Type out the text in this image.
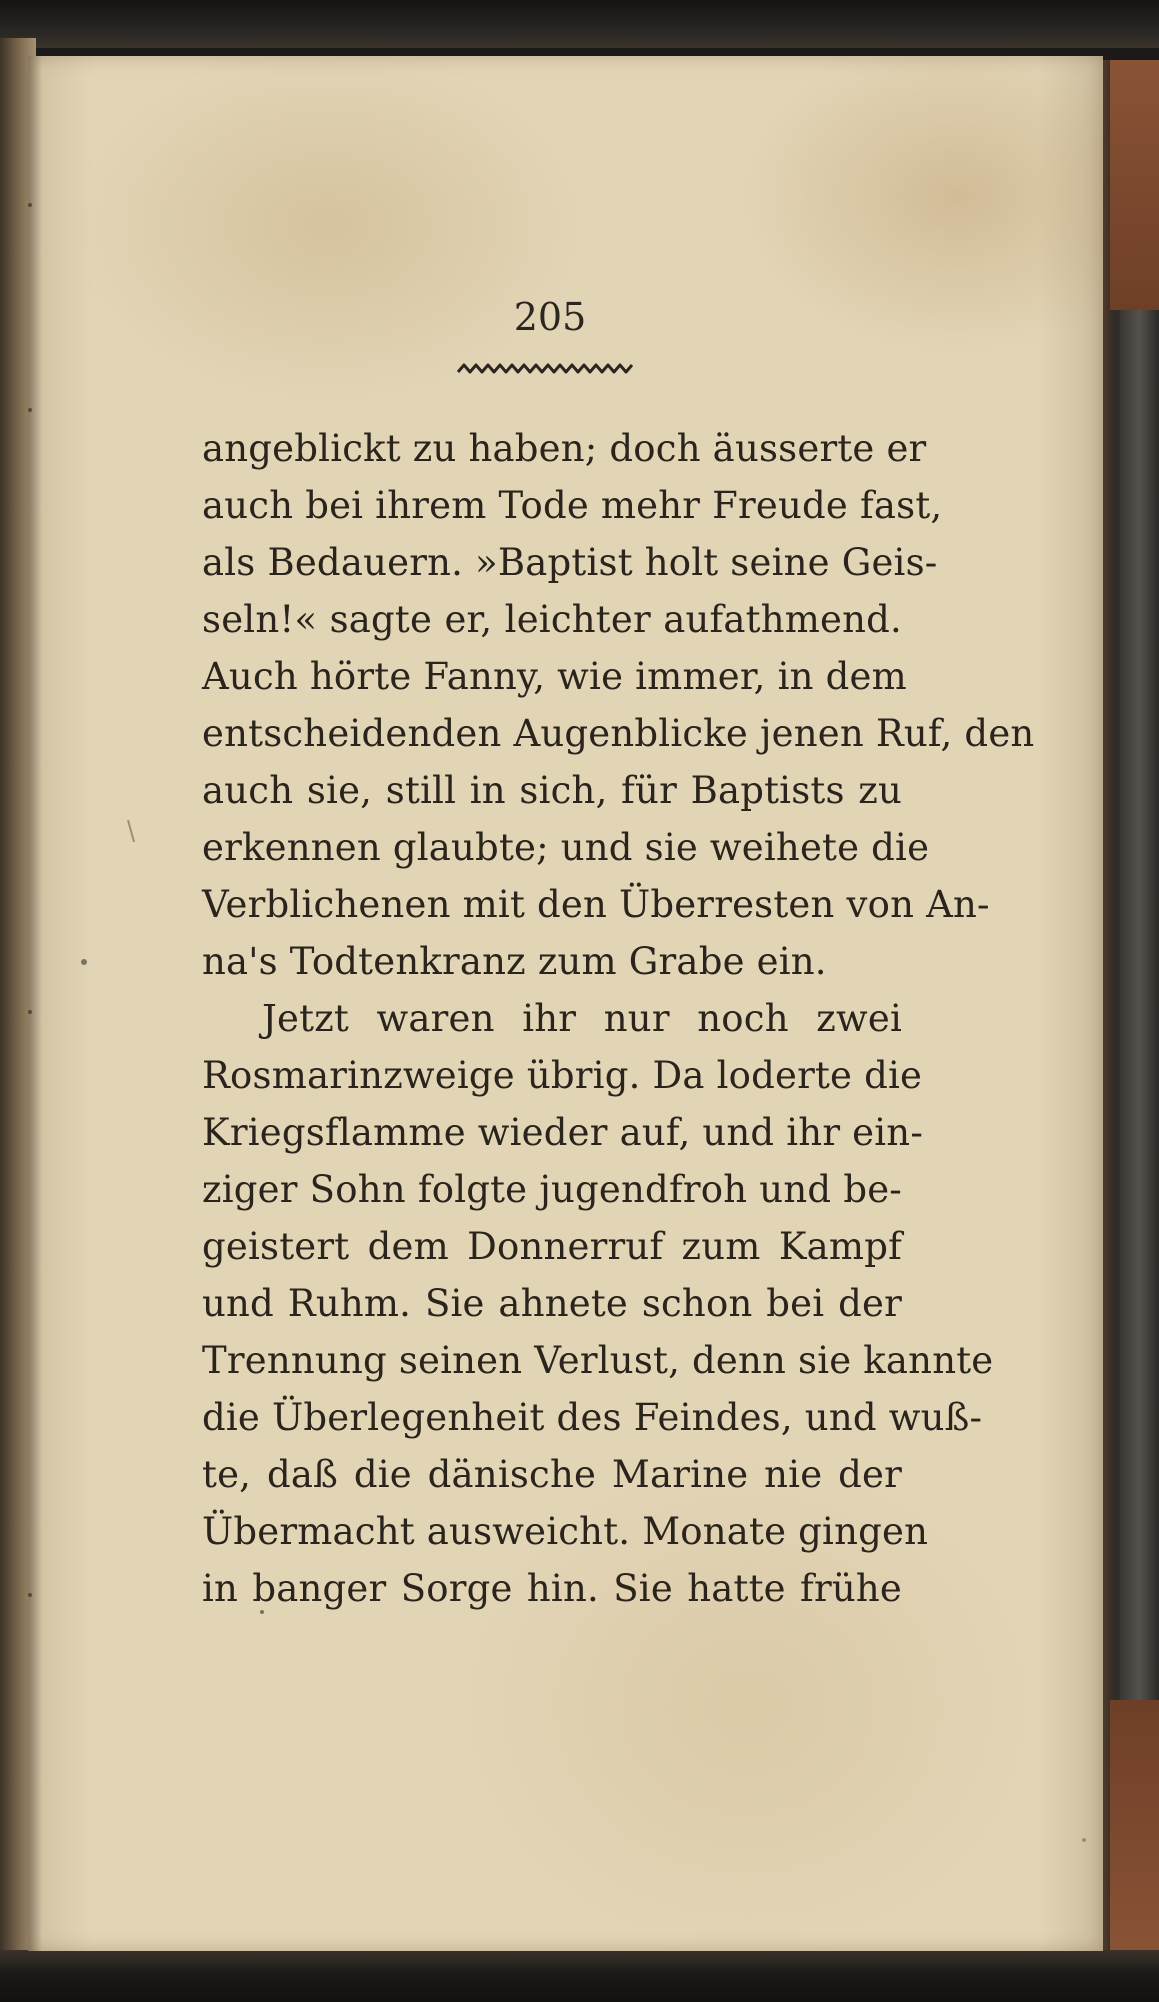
205
angeblickt zu haben; doch äusserte er
auch bei ihrem Tode mehr Freude fast,
als Bedauern. »Baptist holt seine Geis-
seln!« sagte er, leichter aufathmend.
Auch hörte Fanny, wie immer, in dem
entscheidenden Augenblicke jenen Ruf, den
auch sie, still in sich, für Baptists zu
erkennen glaubte; und sie weihete die
Verblichenen mit den Überresten von An-
na's Todtenkranz zum Grabe ein.
Jetzt waren ihr nur noch zwei
Rosmarinzweige übrig. Da loderte die
Kriegsflamme wieder auf, und ihr ein-
ziger Sohn folgte jugendfroh und be-
geistert dem Donnerruf zum Kampf
und Ruhm. Sie ahnete schon bei der
Trennung seinen Verlust, denn sie kannte
die Überlegenheit des Feindes, und wuß-
te, daß die dänische Marine nie der
Übermacht ausweicht. Monate gingen
in banger Sorge hin. Sie hatte frühe
